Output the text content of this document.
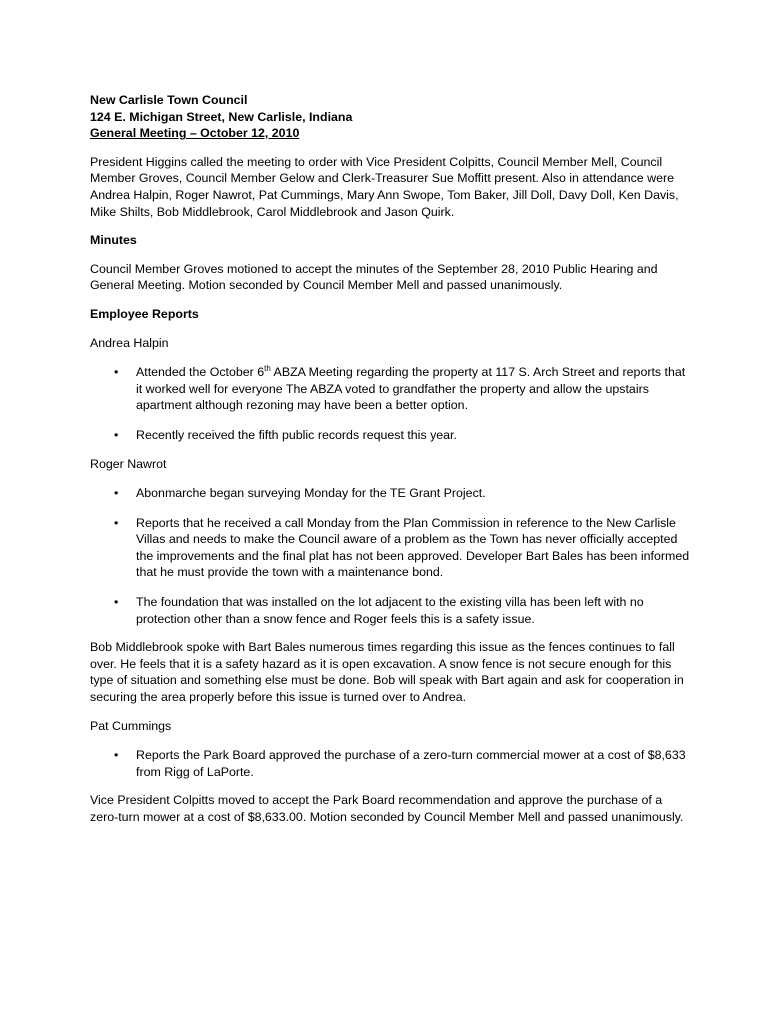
New Carlisle Town Council

124 E. Michigan Street, New Carlisle, Indiana

General Meeting – October 12, 2010

President Higgins called the meeting to order with Vice President Colpitts, Council Member Mell, Council Member Groves, Council Member Gelow and Clerk-Treasurer Sue Moffitt present. Also in attendance were Andrea Halpin, Roger Nawrot, Pat Cummings, Mary Ann Swope, Tom Baker, Jill Doll, Davy Doll, Ken Davis, Mike Shilts, Bob Middlebrook, Carol Middlebrook and Jason Quirk.

Minutes

Council Member Groves motioned to accept the minutes of the September 28, 2010 Public Hearing and General Meeting. Motion seconded by Council Member Mell and passed unanimously.

Employee Reports

Andrea Halpin

• Attended the October 6th ABZA Meeting regarding the property at 117 S. Arch Street and reports that it worked well for everyone The ABZA voted to grandfather the property and allow the upstairs apartment although rezoning may have been a better option.
• Recently received the fifth public records request this year.

Roger Nawrot

• Abonmarche began surveying Monday for the TE Grant Project.
• Reports that he received a call Monday from the Plan Commission in reference to the New Carlisle Villas and needs to make the Council aware of a problem as the Town has never officially accepted the improvements and the final plat has not been approved. Developer Bart Bales has been informed that he must provide the town with a maintenance bond.
• The foundation that was installed on the lot adjacent to the existing villa has been left with no protection other than a snow fence and Roger feels this is a safety issue.

Bob Middlebrook spoke with Bart Bales numerous times regarding this issue as the fences continues to fall over. He feels that it is a safety hazard as it is open excavation. A snow fence is not secure enough for this type of situation and something else must be done. Bob will speak with Bart again and ask for cooperation in securing the area properly before this issue is turned over to Andrea.

Pat Cummings

• Reports the Park Board approved the purchase of a zero-turn commercial mower at a cost of $8,633 from Rigg of LaPorte.

Vice President Colpitts moved to accept the Park Board recommendation and approve the purchase of a zero-turn mower at a cost of $8,633.00. Motion seconded by Council Member Mell and passed unanimously.
